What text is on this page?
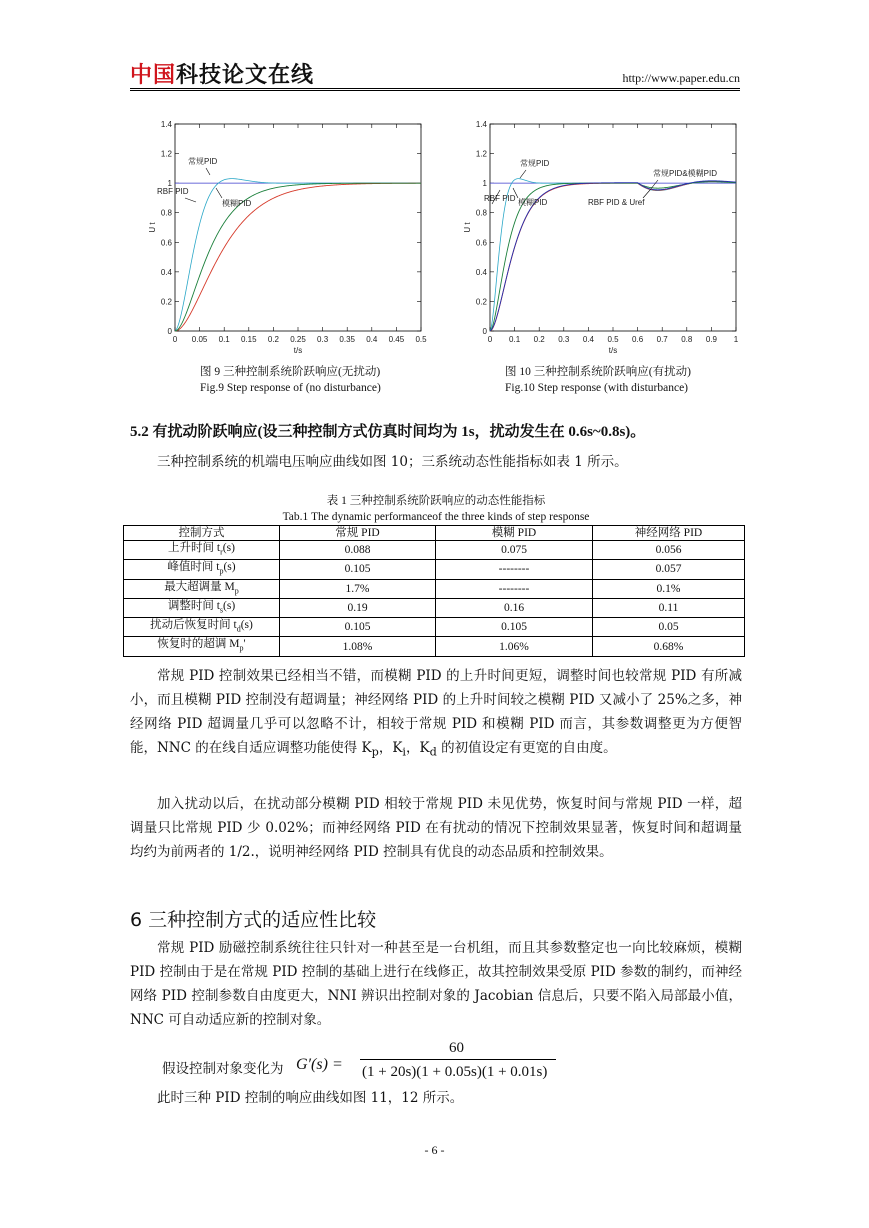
中国科技论文在线	http://www.paper.edu.cn
0
0.2
0.4
0.6
0.8
1
1.2
1.4
0 0.05 0.1 0.15 0.2 0.25 0.3 0.35 0.4 0.45 0.5
t/s
U t
常规PID
RBF PID
模糊PID
图 9 三种控制系统阶跃响应(无扰动)
Fig.9 Step response of (no disturbance)
0
0.2
0.4
0.6
0.8
1
1.2
1.4
0 0.1 0.2 0.3 0.4 0.5 0.6 0.7 0.8 0.9 1
t/s
U t
常规PID
RBF PID 模糊PID	RBF PID & Uref
常规PID&模糊PID
图 10 三种控制系统阶跃响应(有扰动)
Fig.10 Step response (with disturbance)
5.2 有扰动阶跃响应(设三种控制方式仿真时间均为 1s，扰动发生在 0.6s~0.8s)。
三种控制系统的机端电压响应曲线如图 10；三系统动态性能指标如表 1 所示。
表 1 三种控制系统阶跃响应的动态性能指标
Tab.1 The dynamic performanceof the three kinds of step response
控制方式	常规 PID	模糊 PID	神经网络 PID
上升时间 $t_r(s)$	0.088	0.075	0.056
峰值时间 $t_p(s)$	0.105	--------	0.057
最大超调量 $M_p$	1.7%	--------	0.1%
调整时间 $t_s(s)$	0.19	0.16	0.11
扰动后恢复时间 $t_d(s)$	0.105	0.105	0.05
恢复时的超调 $M_p'$	1.08%	1.06%	0.68%
常规 PID 控制效果已经相当不错，而模糊 PID 的上升时间更短，调整时间也较常规 PID 有所减小，而且模糊 PID 控制没有超调量；神经网络 PID 的上升时间较之模糊 PID 又减小了 25%之多，神经网络 PID 超调量几乎可以忽略不计，相较于常规 PID 和模糊 PID 而言，其参数调整更为方便智能，NNC 的在线自适应调整功能使得 $K_p$，$K_i$，$K_d$ 的初值设定有更宽的自由度。
加入扰动以后，在扰动部分模糊 PID 相较于常规 PID 未见优势，恢复时间与常规 PID 一样，超调量只比常规 PID 少 0.02%；而神经网络 PID 在有扰动的情况下控制效果显著，恢复时间和超调量均约为前两者的 1/2.，说明神经网络 PID 控制具有优良的动态品质和控制效果。
6 三种控制方式的适应性比较
常规 PID 励磁控制系统往往只针对一种甚至是一台机组，而且其参数整定也一向比较麻烦，模糊 PID 控制由于是在常规 PID 控制的基础上进行在线修正，故其控制效果受原 PID 参数的制约，而神经网络 PID 控制参数自由度更大，NNI 辨识出控制对象的 Jacobian 信息后，只要不陷入局部最小值，NNC 可自动适应新的控制对象。
假设控制对象变化为 G′(s) =
60
(1 + 20s)(1 + 0.05s)(1 + 0.01s)
此时三种 PID 控制的响应曲线如图 11，12 所示。
- 6 -
